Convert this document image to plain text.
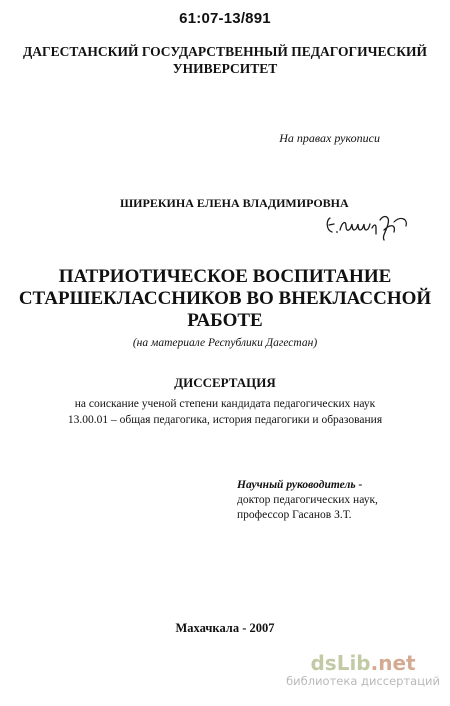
61:07-13/891
ДАГЕСТАНСКИЙ ГОСУДАРСТВЕННЫЙ ПЕДАГОГИЧЕСКИЙ
УНИВЕРСИТЕТ
На правах рукописи
ШИРЕКИНА ЕЛЕНА ВЛАДИМИРОВНА
ПАТРИОТИЧЕСКОЕ ВОСПИТАНИЕ
СТАРШЕКЛАССНИКОВ ВО ВНЕКЛАССНОЙ
РАБОТЕ
(на материале Республики Дагестан)
ДИССЕРТАЦИЯ
на соискание ученой степени кандидата педагогических наук
13.00.01 – общая педагогика, история педагогики и образования
Научный руководитель -
доктор педагогических наук,
профессор Гасанов З.Т.
Махачкала - 2007
dsLib.net
библиотека диссертаций
